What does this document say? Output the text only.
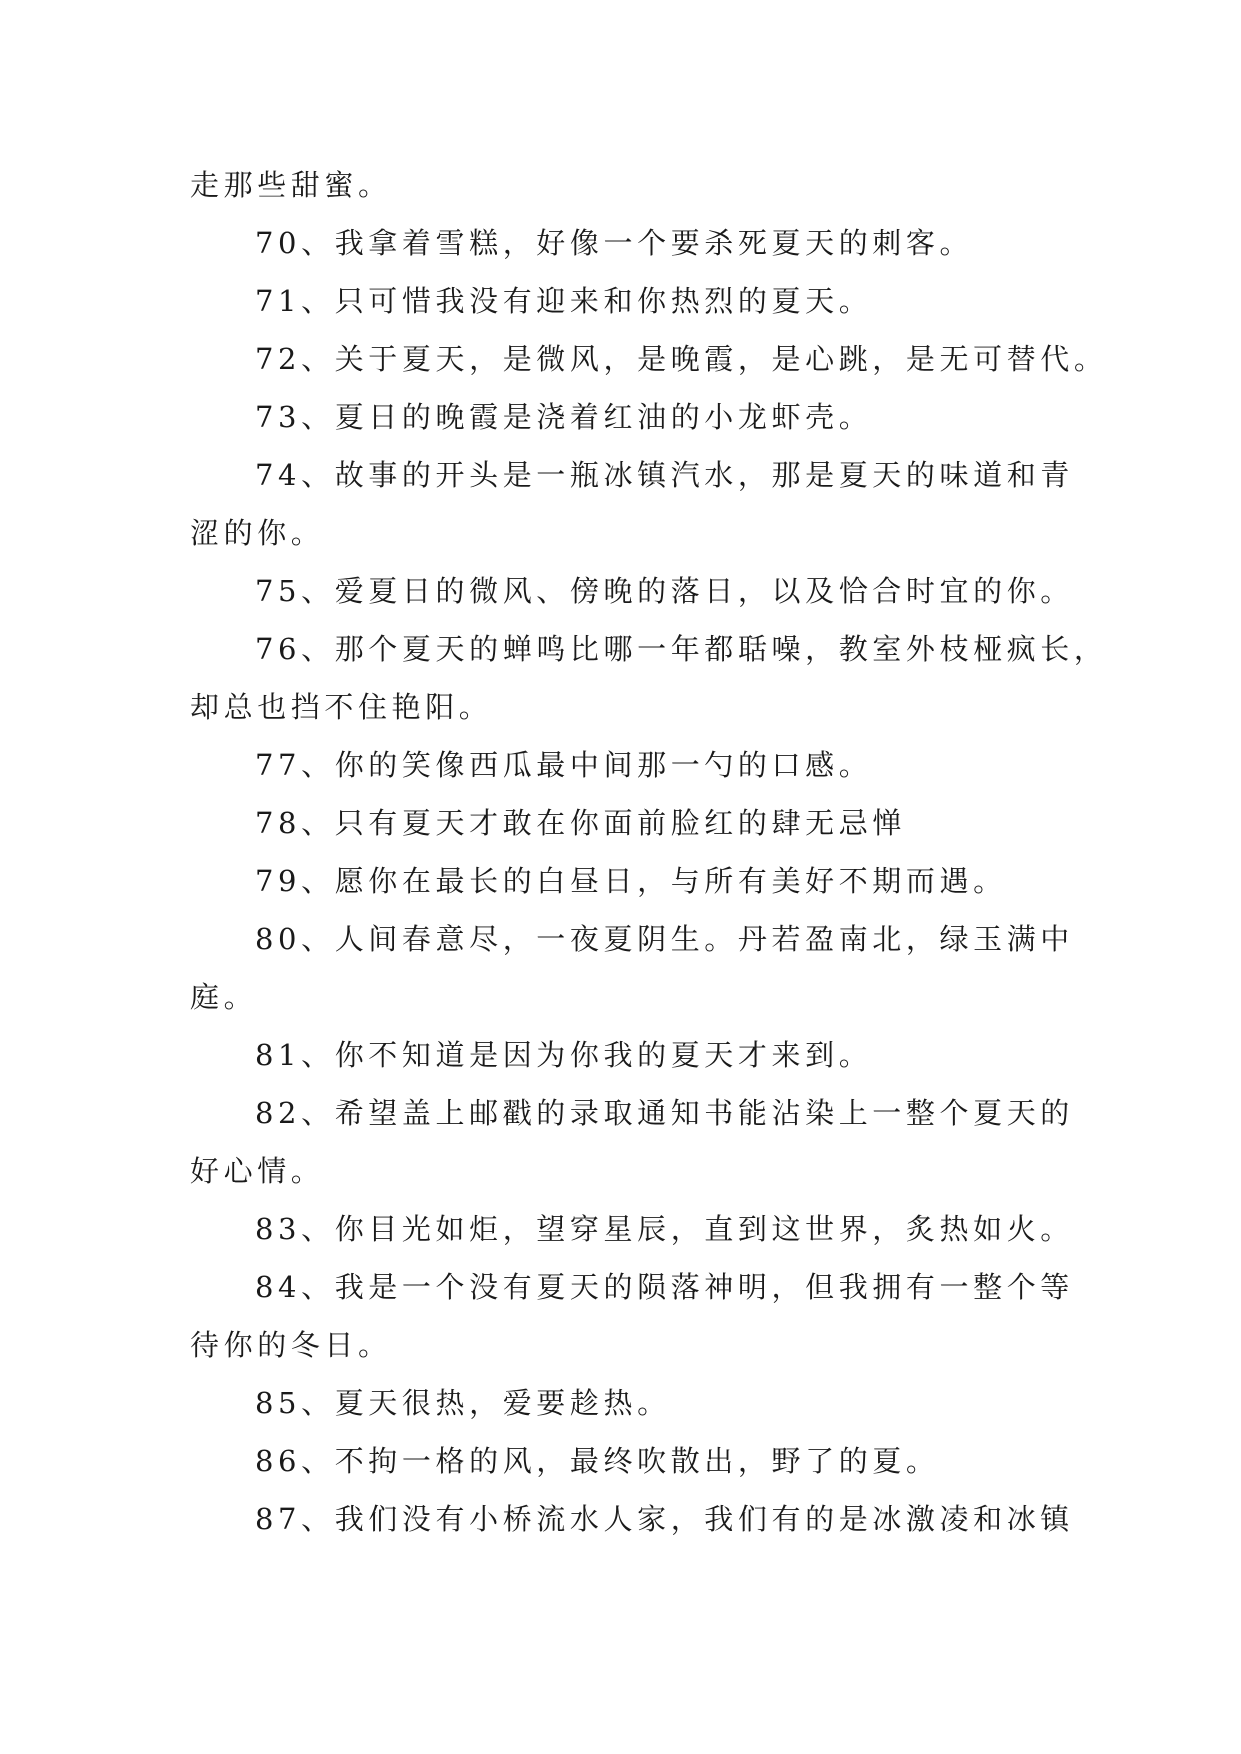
走那些甜蜜。
70、我拿着雪糕，好像一个要杀死夏天的刺客。
71、只可惜我没有迎来和你热烈的夏天。
72、关于夏天，是微风，是晚霞，是心跳，是无可替代。
73、夏日的晚霞是浇着红油的小龙虾壳。
74、故事的开头是一瓶冰镇汽水，那是夏天的味道和青
涩的你。
75、爱夏日的微风、傍晚的落日，以及恰合时宜的你。
76、那个夏天的蝉鸣比哪一年都聒噪，教室外枝桠疯长，
却总也挡不住艳阳。
77、你的笑像西瓜最中间那一勺的口感。
78、只有夏天才敢在你面前脸红的肆无忌惮
79、愿你在最长的白昼日，与所有美好不期而遇。
80、人间春意尽，一夜夏阴生。丹若盈南北，绿玉满中
庭。
81、你不知道是因为你我的夏天才来到。
82、希望盖上邮戳的录取通知书能沾染上一整个夏天的
好心情。
83、你目光如炬，望穿星辰，直到这世界，炙热如火。
84、我是一个没有夏天的陨落神明，但我拥有一整个等
待你的冬日。
85、夏天很热，爱要趁热。
86、不拘一格的风，最终吹散出，野了的夏。
87、我们没有小桥流水人家，我们有的是冰激凌和冰镇
